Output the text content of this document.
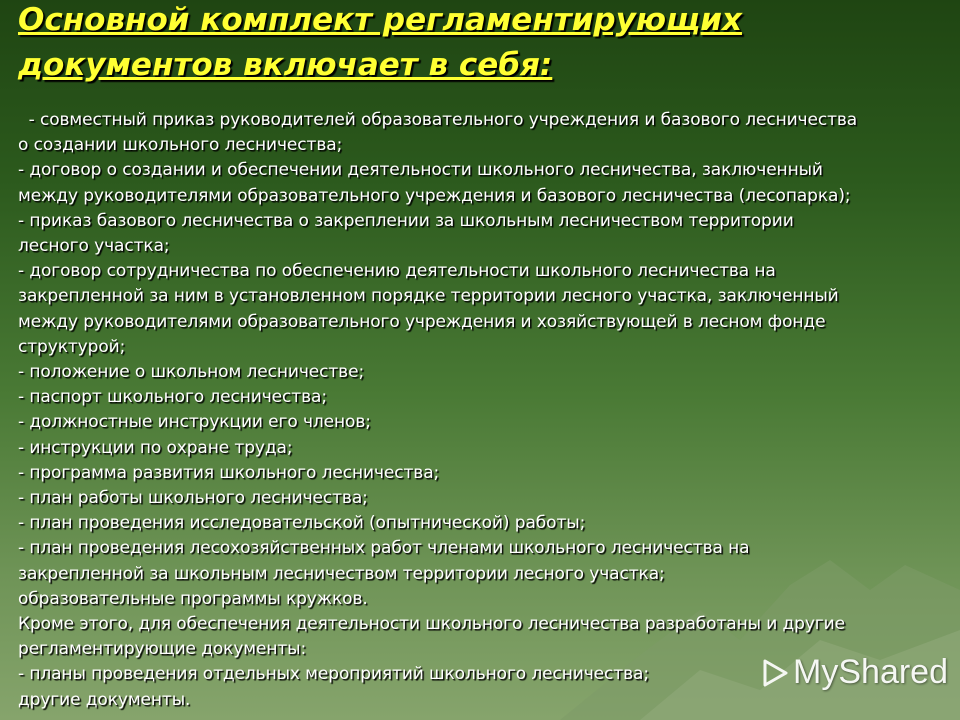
Основной комплект регламентирующих
документов включает в себя:
- совместный приказ руководителей образовательного учреждения и базового лесничества
о создании школьного лесничества;
- договор о создании и обеспечении деятельности школьного лесничества, заключенный
между руководителями образовательного учреждения и базового лесничества (лесопарка);
- приказ базового лесничества о закреплении за школьным лесничеством территории
лесного участка;
- договор сотрудничества по обеспечению деятельности школьного лесничества на
закрепленной за ним в установленном порядке территории лесного участка, заключенный
между руководителями образовательного учреждения и хозяйствующей в лесном фонде
структурой;
- положение о школьном лесничестве;
- паспорт школьного лесничества;
- должностные инструкции его членов;
- инструкции по охране труда;
- программа развития школьного лесничества;
- план работы школьного лесничества;
- план проведения исследовательской (опытнической) работы;
- план проведения лесохозяйственных работ членами школьного лесничества на
закрепленной за школьным лесничеством территории лесного участка;
образовательные программы кружков.
Кроме этого, для обеспечения деятельности школьного лесничества разработаны и другие
регламентирующие документы:
- планы проведения отдельных мероприятий школьного лесничества;
другие документы.
MyShared
